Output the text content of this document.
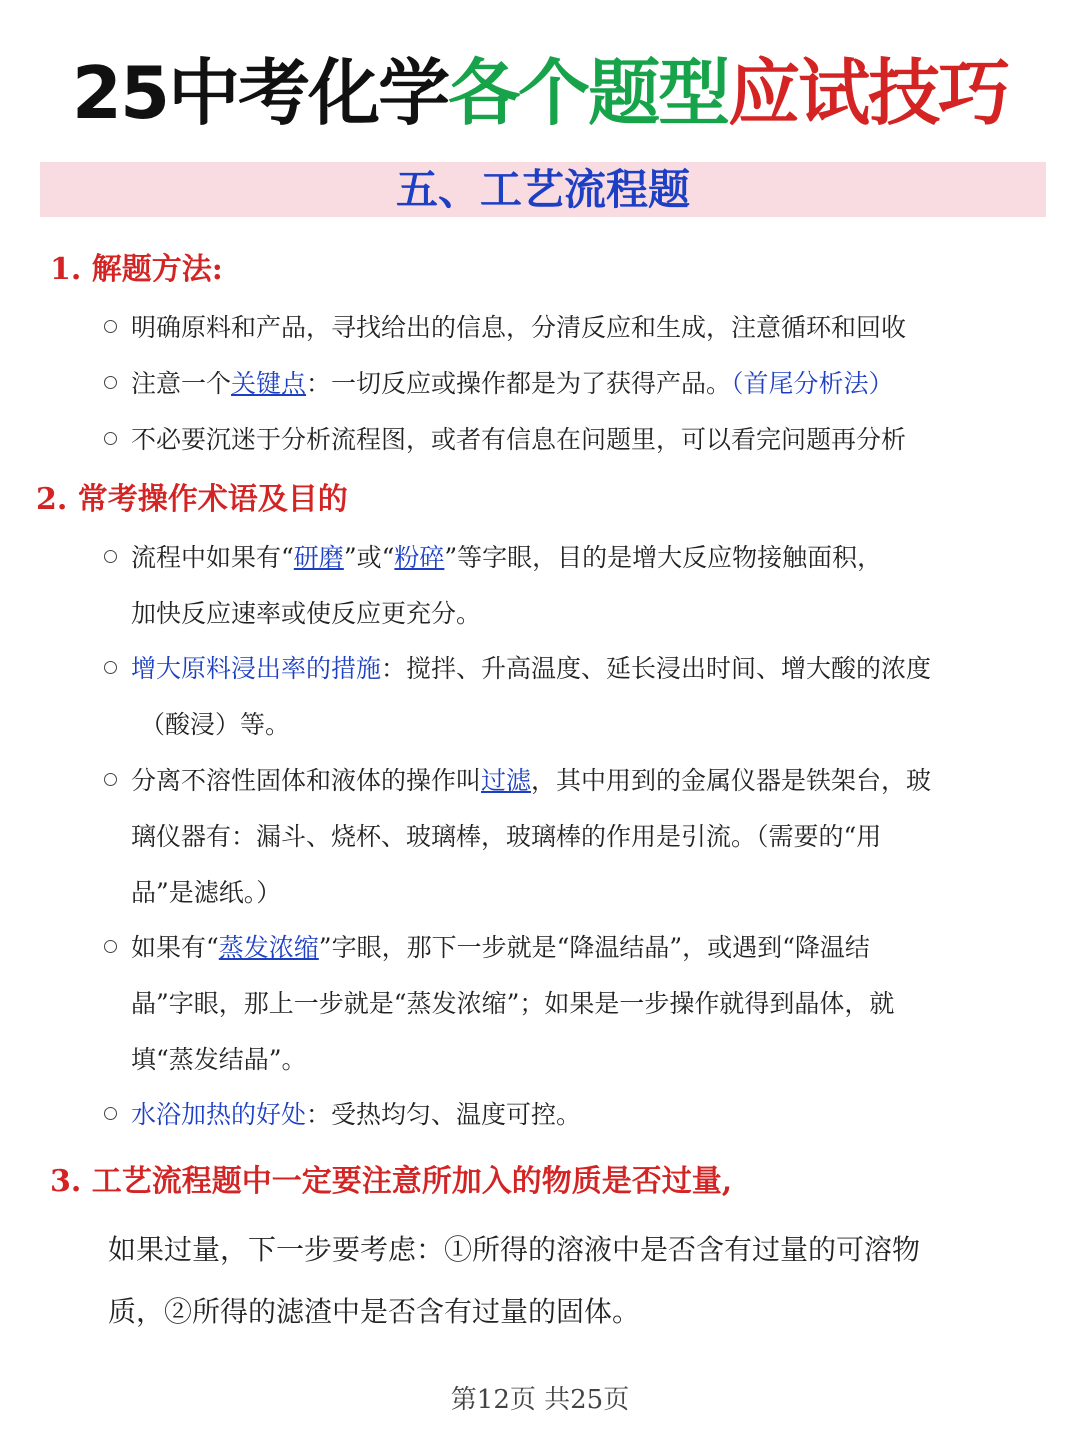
25中考化学各个题型应试技巧
五、工艺流程题
1. 解题方法:
明确原料和产品，寻找给出的信息，分清反应和生成，注意循环和回收
注意一个关键点：一切反应或操作都是为了获得产品。（首尾分析法）
不必要沉迷于分析流程图，或者有信息在问题里，可以看完问题再分析
2. 常考操作术语及目的
流程中如果有“研磨”或“粉碎”等字眼，目的是增大反应物接触面积，
加快反应速率或使反应更充分。
增大原料浸出率的措施：搅拌、升高温度、延长浸出时间、增大酸的浓度
（酸浸）等。
分离不溶性固体和液体的操作叫过滤，其中用到的金属仪器是铁架台，玻
璃仪器有：漏斗、烧杯、玻璃棒，玻璃棒的作用是引流。（需要的“用
品”是滤纸。）
如果有“蒸发浓缩”字眼，那下一步就是“降温结晶”，或遇到“降温结
晶”字眼，那上一步就是“蒸发浓缩”；如果是一步操作就得到晶体，就
填“蒸发结晶”。
水浴加热的好处：受热均匀、温度可控。
3. 工艺流程题中一定要注意所加入的物质是否过量,
如果过量，下一步要考虑：①所得的溶液中是否含有过量的可溶物
质，②所得的滤渣中是否含有过量的固体。
第12页 共25页
